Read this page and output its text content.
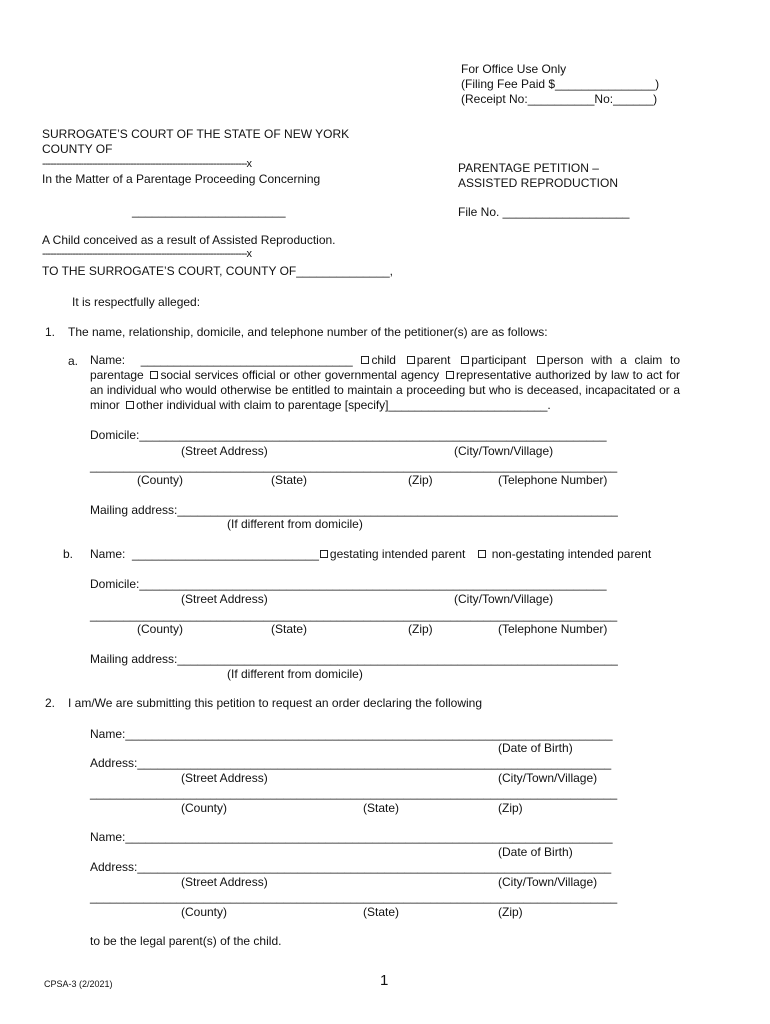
For Office Use Only
(Filing Fee Paid $_______________)
(Receipt No:__________No:______)
SURROGATE’S COURT OF THE STATE OF NEW YORK
COUNTY OF
--------------------------------------------------------------------------x
In the Matter of a Parentage Proceeding Concerning
_______________________
A Child conceived as a result of Assisted Reproduction.
--------------------------------------------------------------------------x
TO THE SURROGATE’S COURT, COUNTY OF______________,
PARENTAGE PETITION –
ASSISTED REPRODUCTION
File No. ___________________
It is respectfully alleged:
1. The name, relationship, domicile, and telephone number of the petitioner(s) are as follows:
a. Name:  ________________________________ child parent participant person with a claim to parentage social services official or other governmental agency representative authorized by law to act for an individual who would otherwise be entitled to maintain a proceeding but who is deceased, incapacitated or a minor other individual with claim to parentage [specify]________________________.
Domicile:______________________________________________________________________
(Street Address)	(City/Town/Village)
_______________________________________________________________________________
(County)	(State)	(Zip)	(Telephone Number)
Mailing address:__________________________________________________________________
(If different from domicile)
b. Name:  ____________________________ gestating intended parent non-gestating intended parent
Domicile:______________________________________________________________________
(Street Address)	(City/Town/Village)
_______________________________________________________________________________
(County)	(State)	(Zip)	(Telephone Number)
Mailing address:__________________________________________________________________
(If different from domicile)
2. I am/We are submitting this petition to request an order declaring the following
Name:_________________________________________________________________________
(Date of Birth)
Address:_______________________________________________________________________
(Street Address)	(City/Town/Village)
_______________________________________________________________________________
(County)	(State)	(Zip)
Name:_________________________________________________________________________
(Date of Birth)
Address:_______________________________________________________________________
(Street Address)	(City/Town/Village)
_______________________________________________________________________________
(County)	(State)	(Zip)
to be the legal parent(s) of the child.
CPSA-3 (2/2021)	1
